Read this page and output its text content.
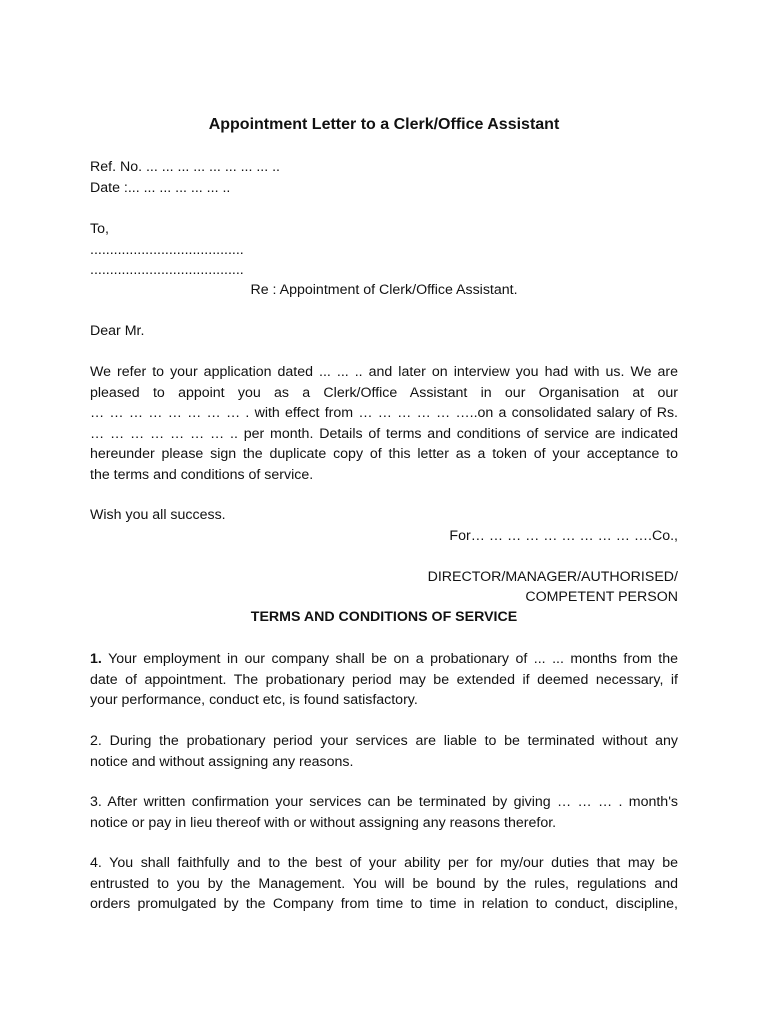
Appointment Letter to a Clerk/Office Assistant
Ref. No. ... ... ... ... ... ... ... ... ..
Date :... ... ... ... ... ... ..
To,
.......................................
.......................................
Re : Appointment of Clerk/Office Assistant.
Dear Mr.
We refer to your application dated ... ... .. and later on interview you had with us. We are
pleased to appoint you as a Clerk/Office Assistant in our Organisation at our
… … … … … … … … . with effect from … … … … … …..on a consolidated salary of Rs.
… … … … … … … .. per month. Details of terms and conditions of service are indicated
hereunder please sign the duplicate copy of this letter as a token of your acceptance to
the terms and conditions of service.
Wish you all success.
For… … … … … … … … … ….Co.,
DIRECTOR/MANAGER/AUTHORISED/
COMPETENT PERSON
TERMS AND CONDITIONS OF SERVICE
1. Your employment in our company shall be on a probationary of ... ... months from the
date of appointment. The probationary period may be extended if deemed necessary, if
your performance, conduct etc, is found satisfactory.
2. During the probationary period your services are liable to be terminated without any
notice and without assigning any reasons.
3. After written confirmation your services can be terminated by giving … … … . month's
notice or pay in lieu thereof with or without assigning any reasons therefor.
4. You shall faithfully and to the best of your ability per for my/our duties that may be
entrusted to you by the Management. You will be bound by the rules, regulations and
orders promulgated by the Company from time to time in relation to conduct, discipline,
